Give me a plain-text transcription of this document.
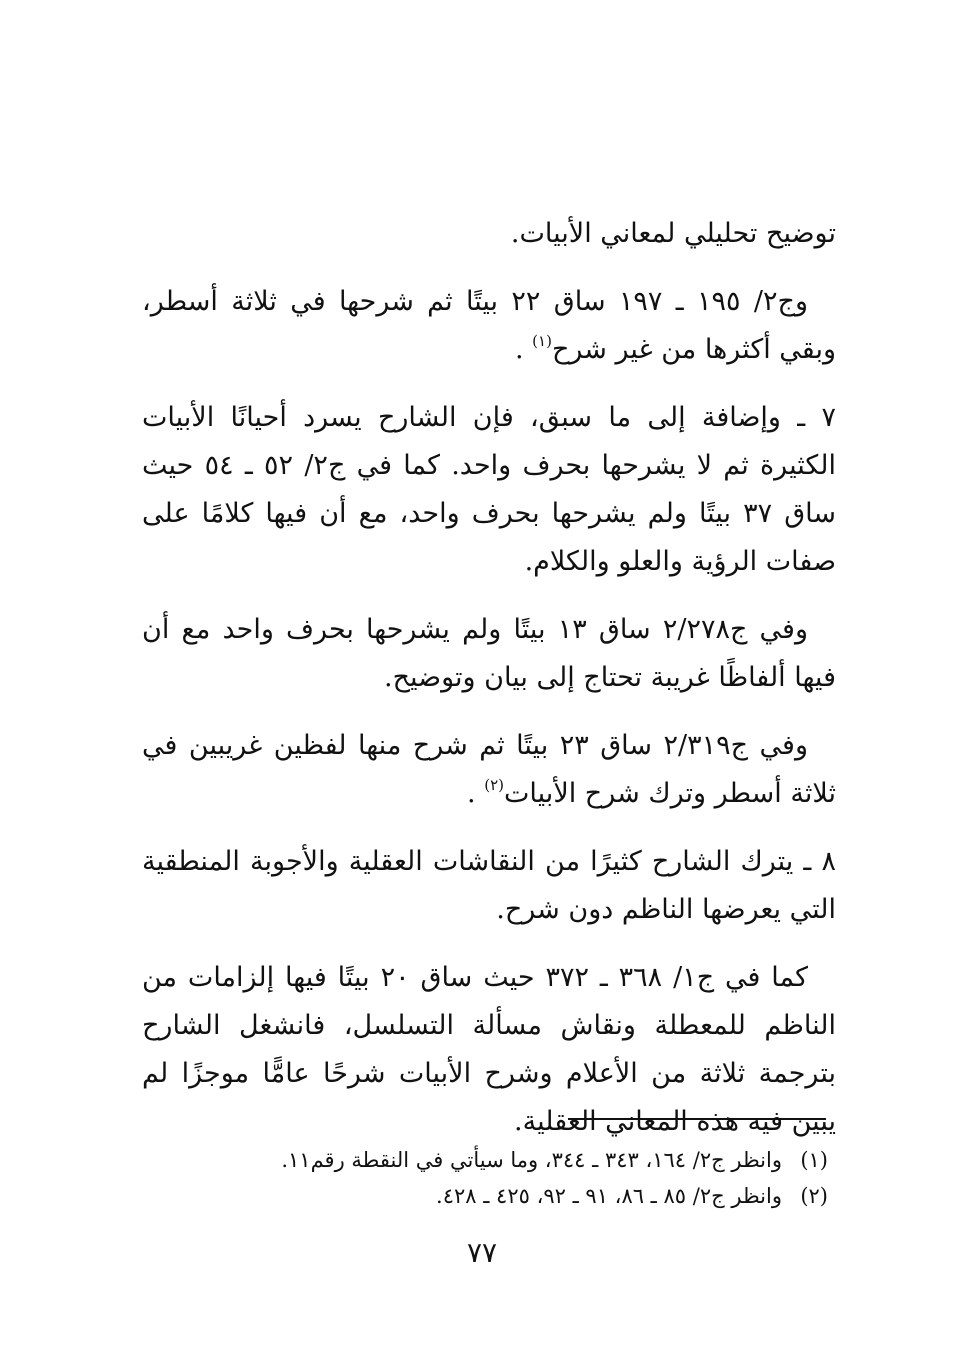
توضيح تحليلي لمعاني الأبيات.

وج٢/ ١٩٥ ـ ١٩٧ ساق ٢٢ بيتًا ثم شرحها في ثلاثة أسطر، وبقي أكثرها من غير شرح$^{(١)}$ .

٧ ـ وإضافة إلى ما سبق، فإن الشارح يسرد أحيانًا الأبيات الكثيرة ثم لا يشرحها بحرف واحد. كما في ج٢/ ٥٢ ـ ٥٤ حيث ساق ٣٧ بيتًا ولم يشرحها بحرف واحد، مع أن فيها كلامًا على صفات الرؤية والعلو والكلام.

وفي ج٢/٢٧٨ ساق ١٣ بيتًا ولم يشرحها بحرف واحد مع أن فيها ألفاظًا غريبة تحتاج إلى بيان وتوضيح.

وفي ج٢/٣١٩ ساق ٢٣ بيتًا ثم شرح منها لفظين غريبين في ثلاثة أسطر وترك شرح الأبيات$^{(٢)}$ .

٨ ـ يترك الشارح كثيرًا من النقاشات العقلية والأجوبة المنطقية التي يعرضها الناظم دون شرح.

كما في ج١/ ٣٦٨ ـ ٣٧٢ حيث ساق ٢٠ بيتًا فيها إلزامات من الناظم للمعطلة ونقاش مسألة التسلسل، فانشغل الشارح بترجمة ثلاثة من الأعلام وشرح الأبيات شرحًا عامًّا موجزًا لم يبين فيه هذه المعاني العقلية.

(١)وانظر ج٢/ ١٦٤، ٣٤٣ ـ ٣٤٤، وما سيأتي في النقطة رقم١١.

(٢)وانظر ج٢/ ٨٥ ـ ٨٦، ٩١ ـ ٩٢، ٤٢٥ ـ ٤٢٨.

٧٧
